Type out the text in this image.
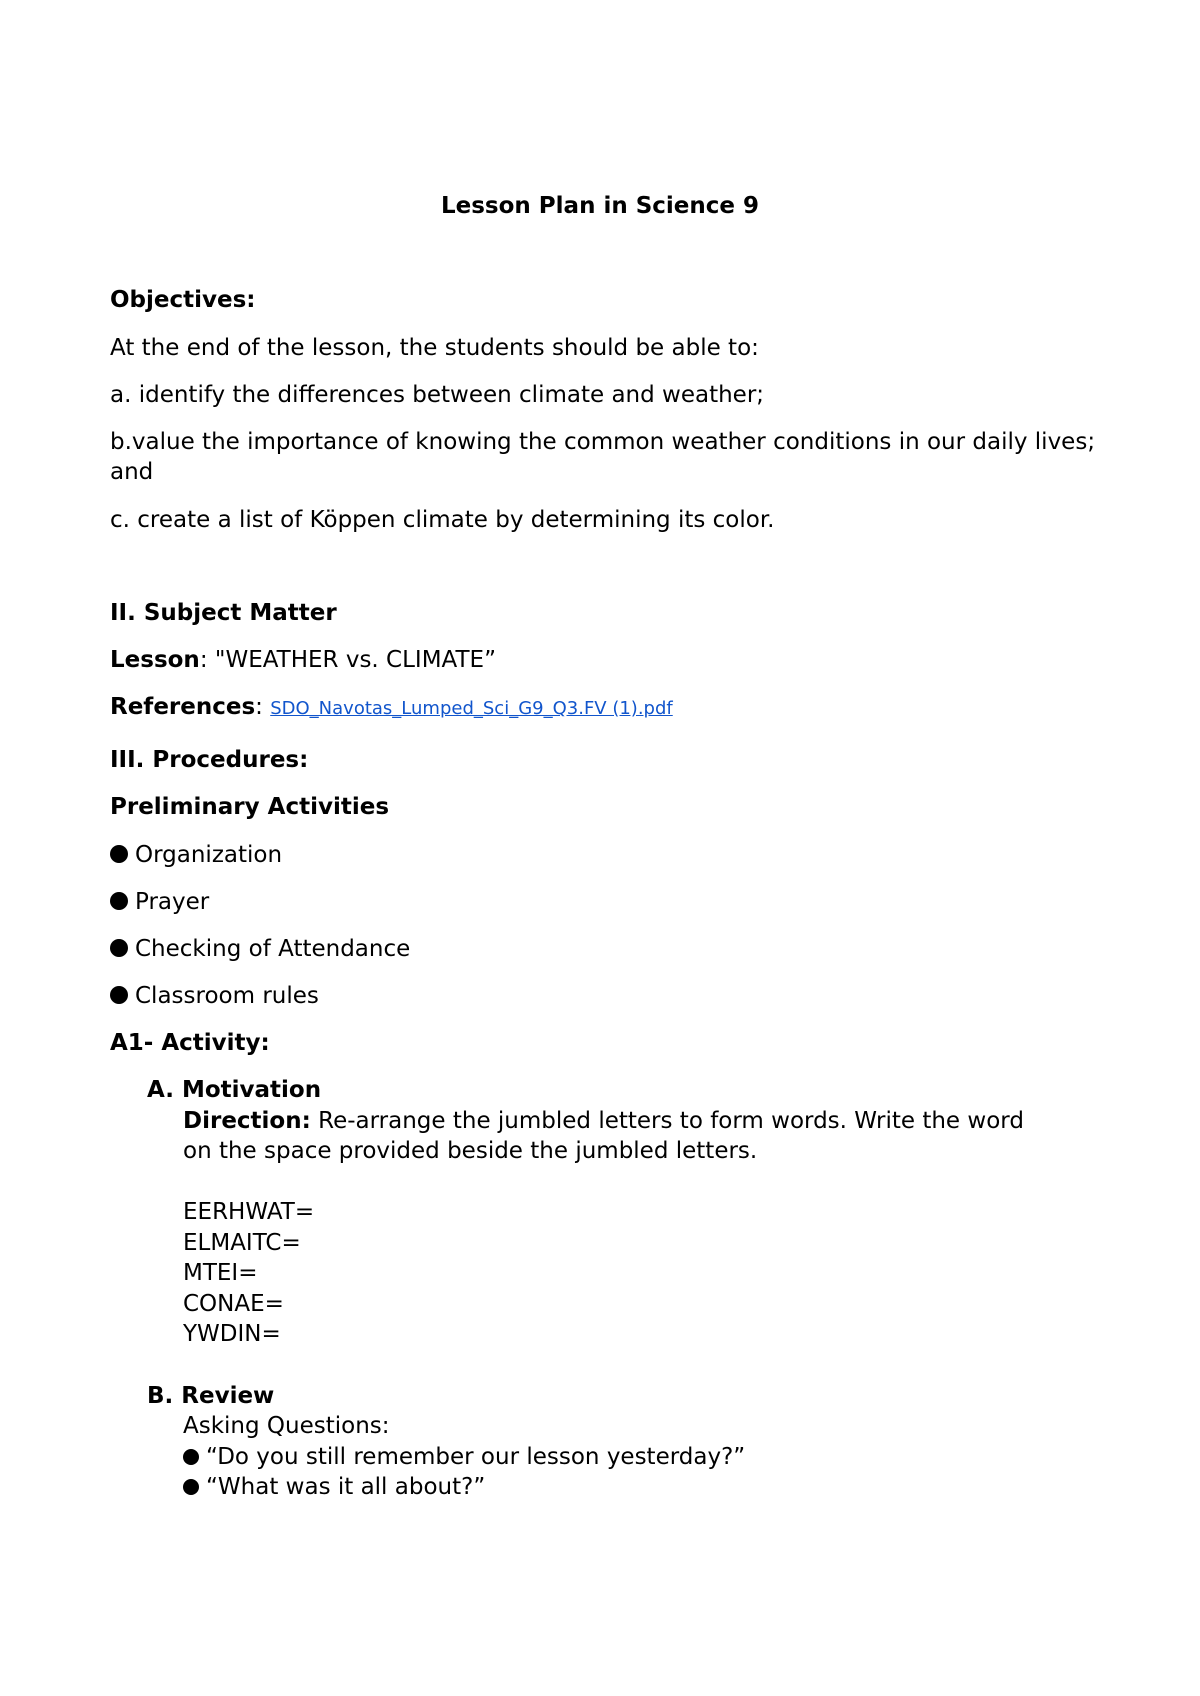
Lesson Plan in Science 9
Objectives:
At the end of the lesson, the students should be able to:
a. identify the differences between climate and weather;
b.value the importance of knowing the common weather conditions in our daily lives; and
c. create a list of Köppen climate by determining its color.
II. Subject Matter
Lesson: "WEATHER vs. CLIMATE”
References: SDO_Navotas_Lumped_Sci_G9_Q3.FV (1).pdf
III. Procedures:
Preliminary Activities
Organization
Prayer
Checking of Attendance
Classroom rules
A1- Activity:
A. Motivation
Direction: Re-arrange the jumbled letters to form words. Write the word
on the space provided beside the jumbled letters.
EERHWAT=
ELMAITC=
MTEI=
CONAE=
YWDIN=
B. Review
Asking Questions:
“Do you still remember our lesson yesterday?”
“What was it all about?”
